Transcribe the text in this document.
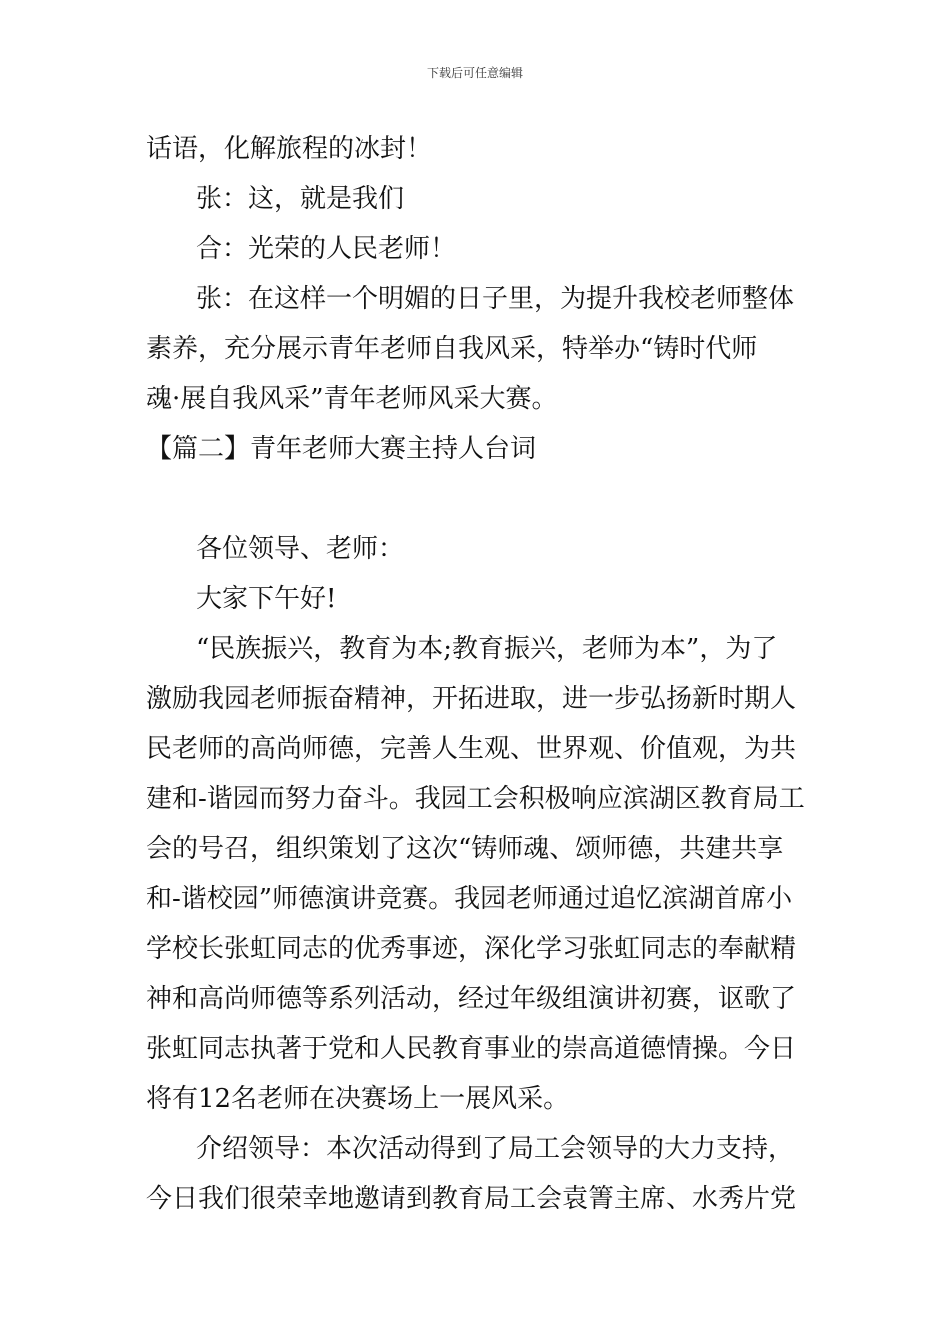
下载后可任意编辑
话语，化解旅程的冰封！
张：这，就是我们
合：光荣的人民老师！
张：在这样一个明媚的日子里，为提升我校老师整体
素养，充分展示青年老师自我风采，特举办“铸时代师
魂·展自我风采”青年老师风采大赛。
【篇二】青年老师大赛主持人台词
各位领导、老师：
大家下午好!
“民族振兴，教育为本;教育振兴，老师为本”，为了
激励我园老师振奋精神，开拓进取，进一步弘扬新时期人
民老师的高尚师德，完善人生观、世界观、价值观，为共
建和-谐园而努力奋斗。我园工会积极响应滨湖区教育局工
会的号召，组织策划了这次“铸师魂、颂师德，共建共享
和-谐校园”师德演讲竞赛。我园老师通过追忆滨湖首席小
学校长张虹同志的优秀事迹，深化学习张虹同志的奉献精
神和高尚师德等系列活动，经过年级组演讲初赛，讴歌了
张虹同志执著于党和人民教育事业的崇高道德情操。今日
将有12名老师在决赛场上一展风采。
介绍领导：本次活动得到了局工会领导的大力支持，
今日我们很荣幸地邀请到教育局工会袁箐主席、水秀片党
